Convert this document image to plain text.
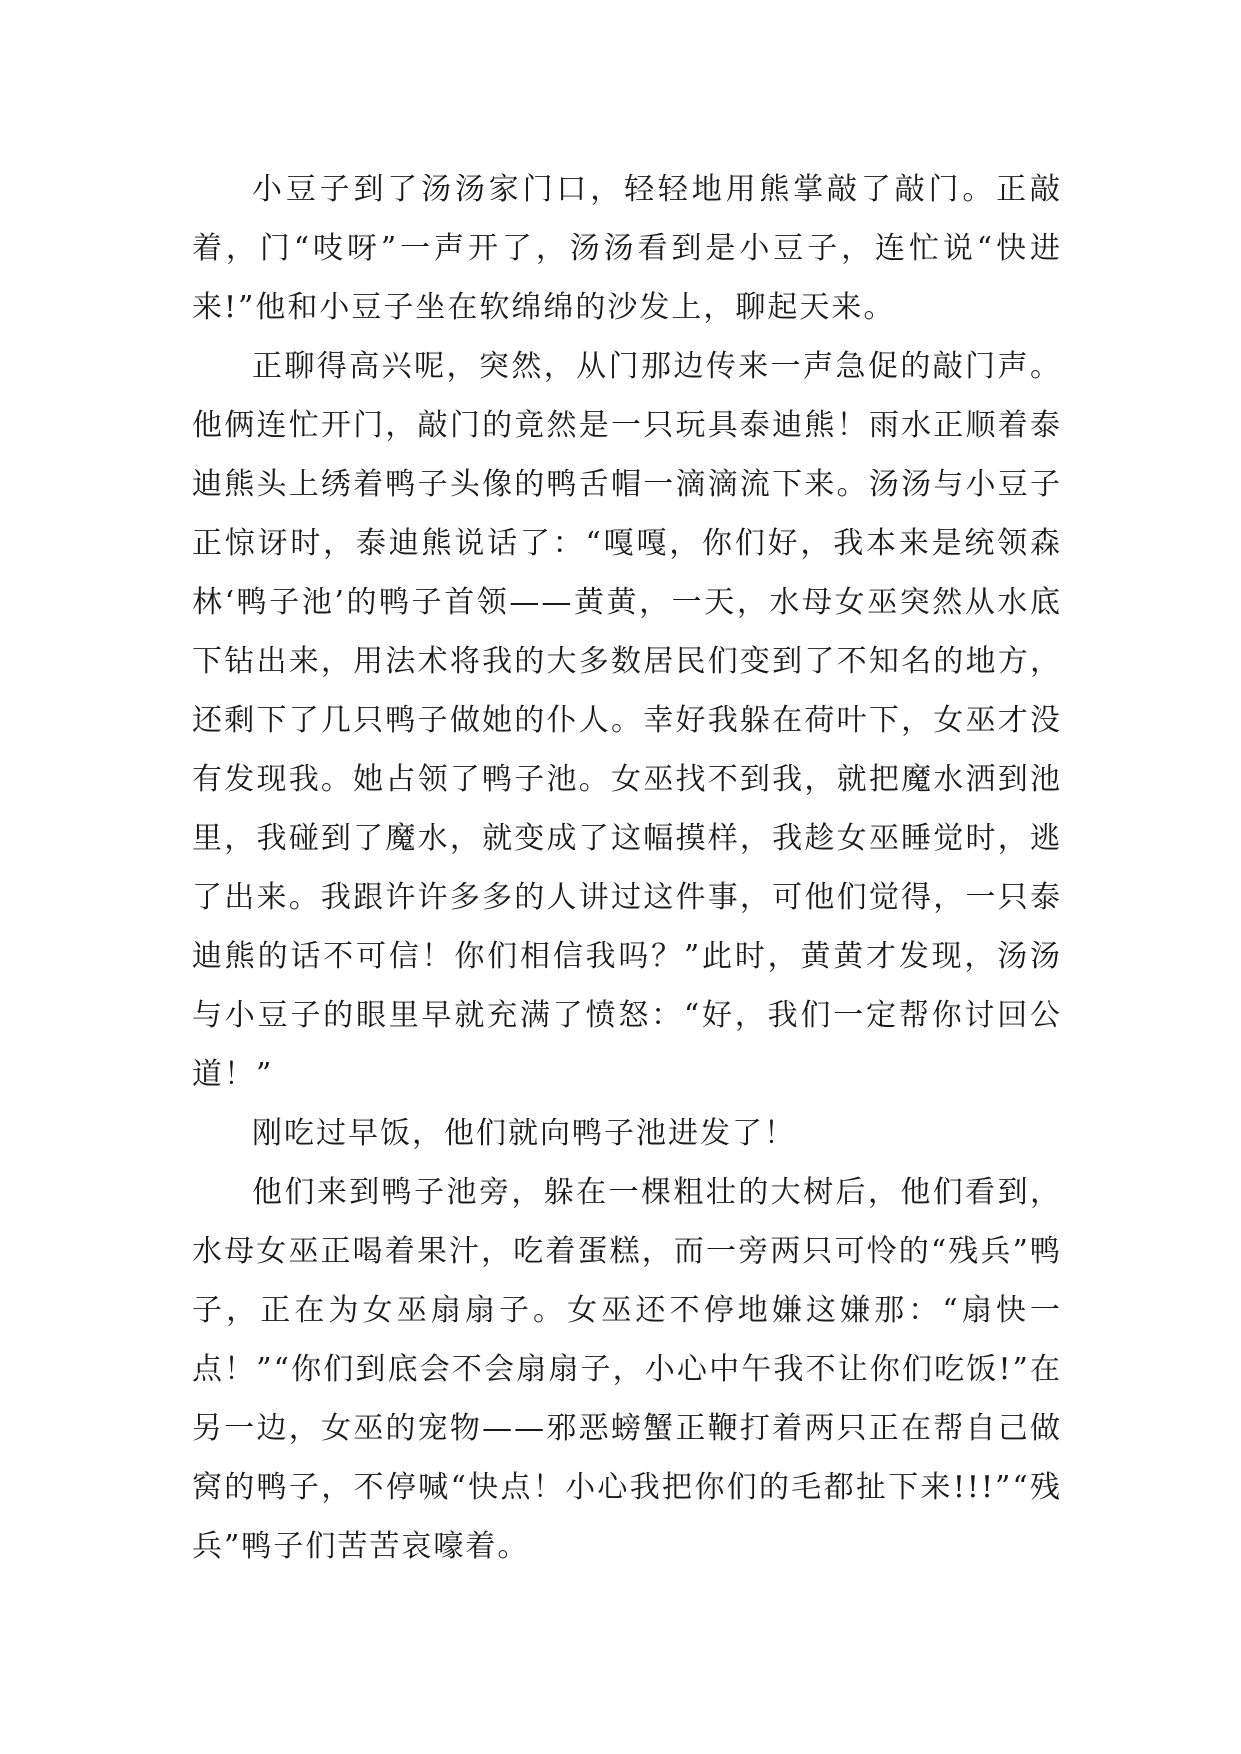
小豆子到了汤汤家门口，轻轻地用熊掌敲了敲门。正敲着，门“吱呀”一声开了，汤汤看到是小豆子，连忙说“快进来!”他和小豆子坐在软绵绵的沙发上，聊起天来。

正聊得高兴呢，突然，从门那边传来一声急促的敲门声。他俩连忙开门，敲门的竟然是一只玩具泰迪熊！雨水正顺着泰迪熊头上绣着鸭子头像的鸭舌帽一滴滴流下来。汤汤与小豆子正惊讶时，泰迪熊说话了：“嘎嘎，你们好，我本来是统领森林‘鸭子池’的鸭子首领——黄黄，一天，水母女巫突然从水底下钻出来，用法术将我的大多数居民们变到了不知名的地方，还剩下了几只鸭子做她的仆人。幸好我躲在荷叶下，女巫才没有发现我。她占领了鸭子池。女巫找不到我，就把魔水洒到池里，我碰到了魔水，就变成了这幅摸样，我趁女巫睡觉时，逃了出来。我跟许许多多的人讲过这件事，可他们觉得，一只泰迪熊的话不可信！你们相信我吗？”此时，黄黄才发现，汤汤与小豆子的眼里早就充满了愤怒：“好，我们一定帮你讨回公道！”

刚吃过早饭，他们就向鸭子池进发了！

他们来到鸭子池旁，躲在一棵粗壮的大树后，他们看到，水母女巫正喝着果汁，吃着蛋糕，而一旁两只可怜的“残兵”鸭子，正在为女巫扇扇子。女巫还不停地嫌这嫌那：“扇快一点！”“你们到底会不会扇扇子，小心中午我不让你们吃饭!”在另一边，女巫的宠物——邪恶螃蟹正鞭打着两只正在帮自己做窝的鸭子，不停喊“快点！小心我把你们的毛都扯下来!!!”“残兵”鸭子们苦苦哀嚎着。
